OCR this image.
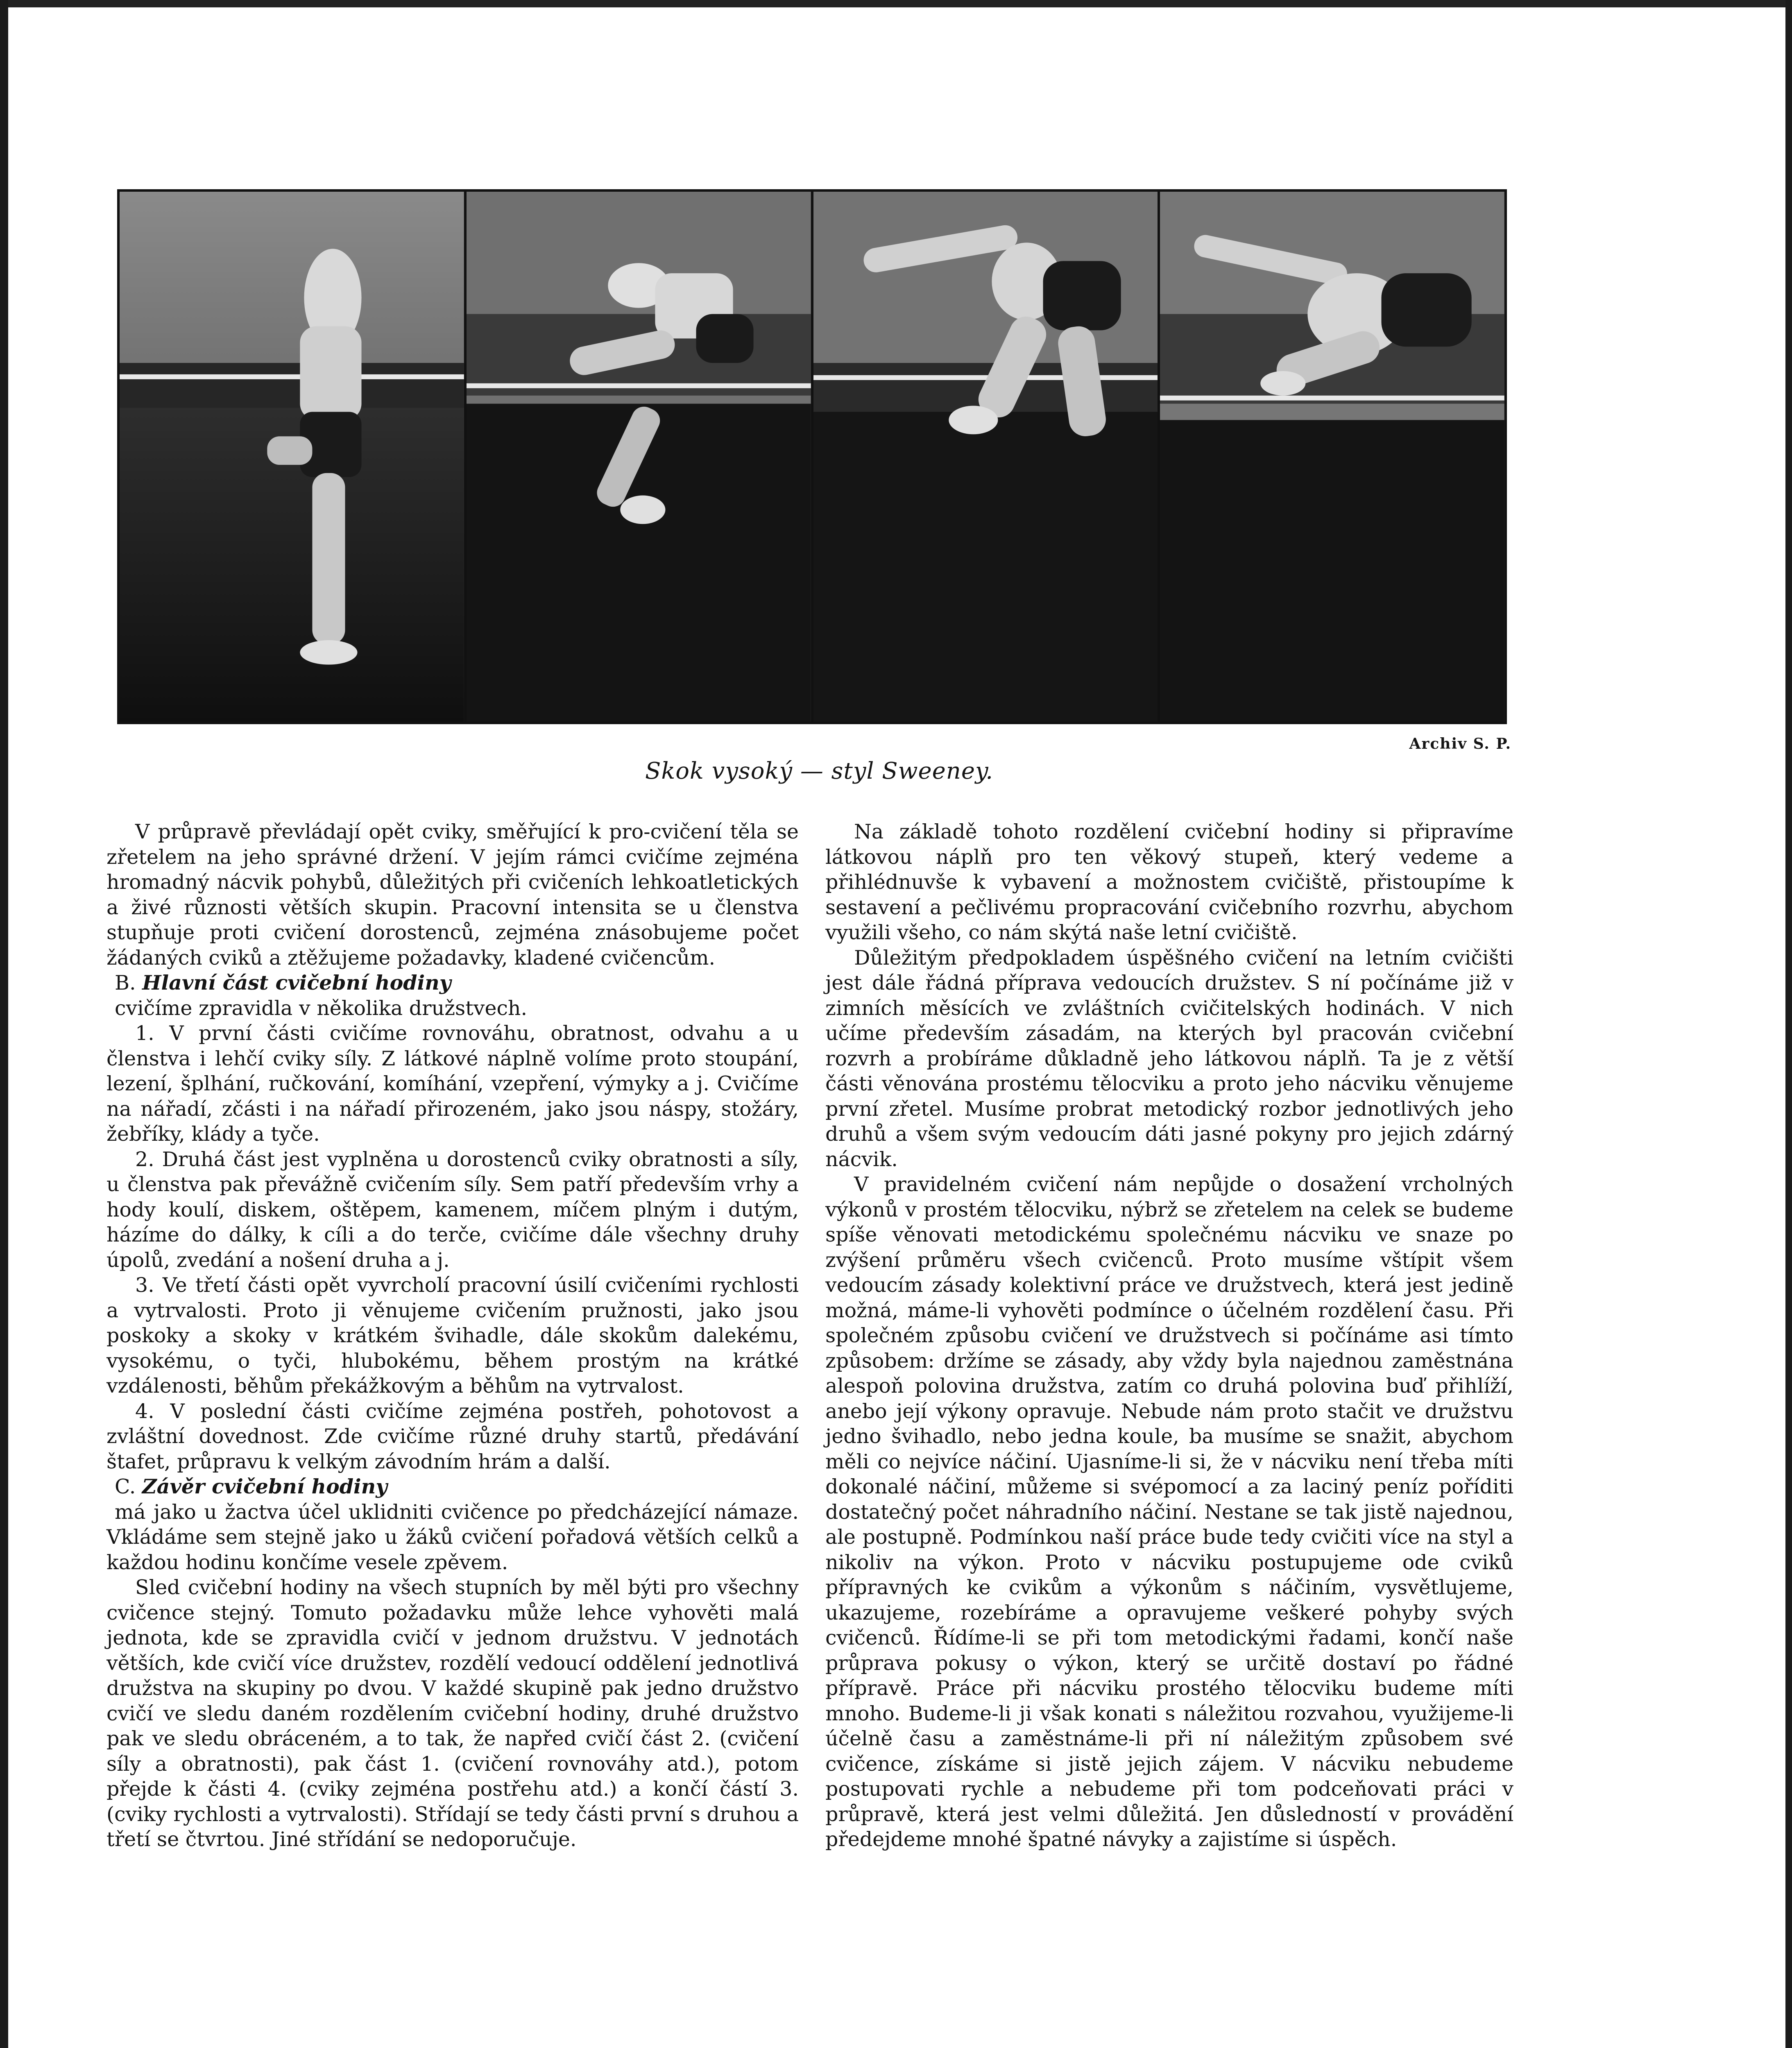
Archiv S. P.
Skok vysoký — styl Sweeney.

V průpravě převládají opět cviky, směřující k pro-cvičení těla se zřetelem na jeho správné držení. V jejím rámci cvičíme zejména hromadný nácvik pohybů, důležitých při cvičeních lehkoatletických a živé různosti větších skupin. Pracovní intensita se u členstva stupňuje proti cvičení dorostenců, zejména znásobujeme počet žádaných cviků a ztěžujeme požadavky, kladené cvičencům.

B. Hlavní část cvičební hodiny

cvičíme zpravidla v několika družstvech.

1. V první části cvičíme rovnováhu, obratnost, odvahu a u členstva i lehčí cviky síly. Z látkové náplně volíme proto stoupání, lezení, šplhání, ručkování, komíhání, vzepření, výmyky a j. Cvičíme na nářadí, zčásti i na nářadí přirozeném, jako jsou náspy, stožáry, žebříky, klády a tyče.

2. Druhá část jest vyplněna u dorostenců cviky obratnosti a síly, u členstva pak převážně cvičením síly. Sem patří především vrhy a hody koulí, diskem, oštěpem, kamenem, míčem plným i dutým, házíme do dálky, k cíli a do terče, cvičíme dále všechny druhy úpolů, zvedání a nošení druha a j.

3. Ve třetí části opět vyvrcholí pracovní úsilí cvičeními rychlosti a vytrvalosti. Proto ji věnujeme cvičením pružnosti, jako jsou poskoky a skoky v krátkém švihadle, dále skokům dalekému, vysokému, o tyči, hlubokému, během prostým na krátké vzdálenosti, běhům překážkovým a běhům na vytrvalost.

4. V poslední části cvičíme zejména postřeh, pohotovost a zvláštní dovednost. Zde cvičíme různé druhy startů, předávání štafet, průpravu k velkým závodním hrám a další.

C. Závěr cvičební hodiny

má jako u žactva účel uklidniti cvičence po předcházející námaze. Vkládáme sem stejně jako u žáků cvičení pořadová větších celků a každou hodinu končíme vesele zpěvem.

Sled cvičební hodiny na všech stupních by měl býti pro všechny cvičence stejný. Tomuto požadavku může lehce vyhověti malá jednota, kde se zpravidla cvičí v jednom družstvu. V jednotách větších, kde cvičí více družstev, rozdělí vedoucí oddělení jednotlivá družstva na skupiny po dvou. V každé skupině pak jedno družstvo cvičí ve sledu daném rozdělením cvičební hodiny, druhé družstvo pak ve sledu obráceném, a to tak, že napřed cvičí část 2. (cvičení síly a obratnosti), pak část 1. (cvičení rovnováhy atd.), potom přejde k části 4. (cviky zejména postřehu atd.) a končí částí 3. (cviky rychlosti a vytrvalosti). Střídají se tedy části první s druhou a třetí se čtvrtou. Jiné střídání se nedoporučuje.

Na základě tohoto rozdělení cvičební hodiny si připravíme látkovou náplň pro ten věkový stupeň, který vedeme a přihlédnuvše k vybavení a možnostem cvičiště, přistoupíme k sestavení a pečlivému propracování cvičebního rozvrhu, abychom využili všeho, co nám skýtá naše letní cvičiště.

Důležitým předpokladem úspěšného cvičení na letním cvičišti jest dále řádná příprava vedoucích družstev. S ní počínáme již v zimních měsících ve zvláštních cvičitelských hodinách. V nich učíme především zásadám, na kterých byl pracován cvičební rozvrh a probíráme důkladně jeho látkovou náplň. Ta je z větší části věnována prostému tělocviku a proto jeho nácviku věnujeme první zřetel. Musíme probrat metodický rozbor jednotlivých jeho druhů a všem svým vedoucím dáti jasné pokyny pro jejich zdárný nácvik.

V pravidelném cvičení nám nepůjde o dosažení vrcholných výkonů v prostém tělocviku, nýbrž se zřetelem na celek se budeme spíše věnovati metodickému společnému nácviku ve snaze po zvýšení průměru všech cvičenců. Proto musíme vštípit všem vedoucím zásady kolektivní práce ve družstvech, která jest jedině možná, máme-li vyhověti podmínce o účelném rozdělení času. Při společném způsobu cvičení ve družstvech si počínáme asi tímto způsobem: držíme se zásady, aby vždy byla najednou zaměstnána alespoň polovina družstva, zatím co druhá polovina buď přihlíží, anebo její výkony opravuje. Nebude nám proto stačit ve družstvu jedno švihadlo, nebo jedna koule, ba musíme se snažit, abychom měli co nejvíce náčiní. Ujasníme-li si, že v nácviku není třeba míti dokonalé náčiní, můžeme si svépomocí a za laciný peníz poříditi dostatečný počet náhradního náčiní. Nestane se tak jistě najednou, ale postupně. Podmínkou naší práce bude tedy cvičiti více na styl a nikoliv na výkon. Proto v nácviku postupujeme ode cviků přípravných ke cvikům a výkonům s náčiním, vysvětlujeme, ukazujeme, rozebíráme a opravujeme veškeré pohyby svých cvičenců. Řídíme-li se při tom metodickými řadami, končí naše průprava pokusy o výkon, který se určitě dostaví po řádné přípravě. Práce při nácviku prostého tělocviku budeme míti mnoho. Budeme-li ji však konati s náležitou rozvahou, využijeme-li účelně času a zaměstnáme-li při ní náležitým způsobem své cvičence, získáme si jistě jejich zájem. V nácviku nebudeme postupovati rychle a nebudeme při tom podceňovati práci v průpravě, která jest velmi důležitá. Jen důsledností v provádění předejdeme mnohé špatné návyky a zajistíme si úspěch.
